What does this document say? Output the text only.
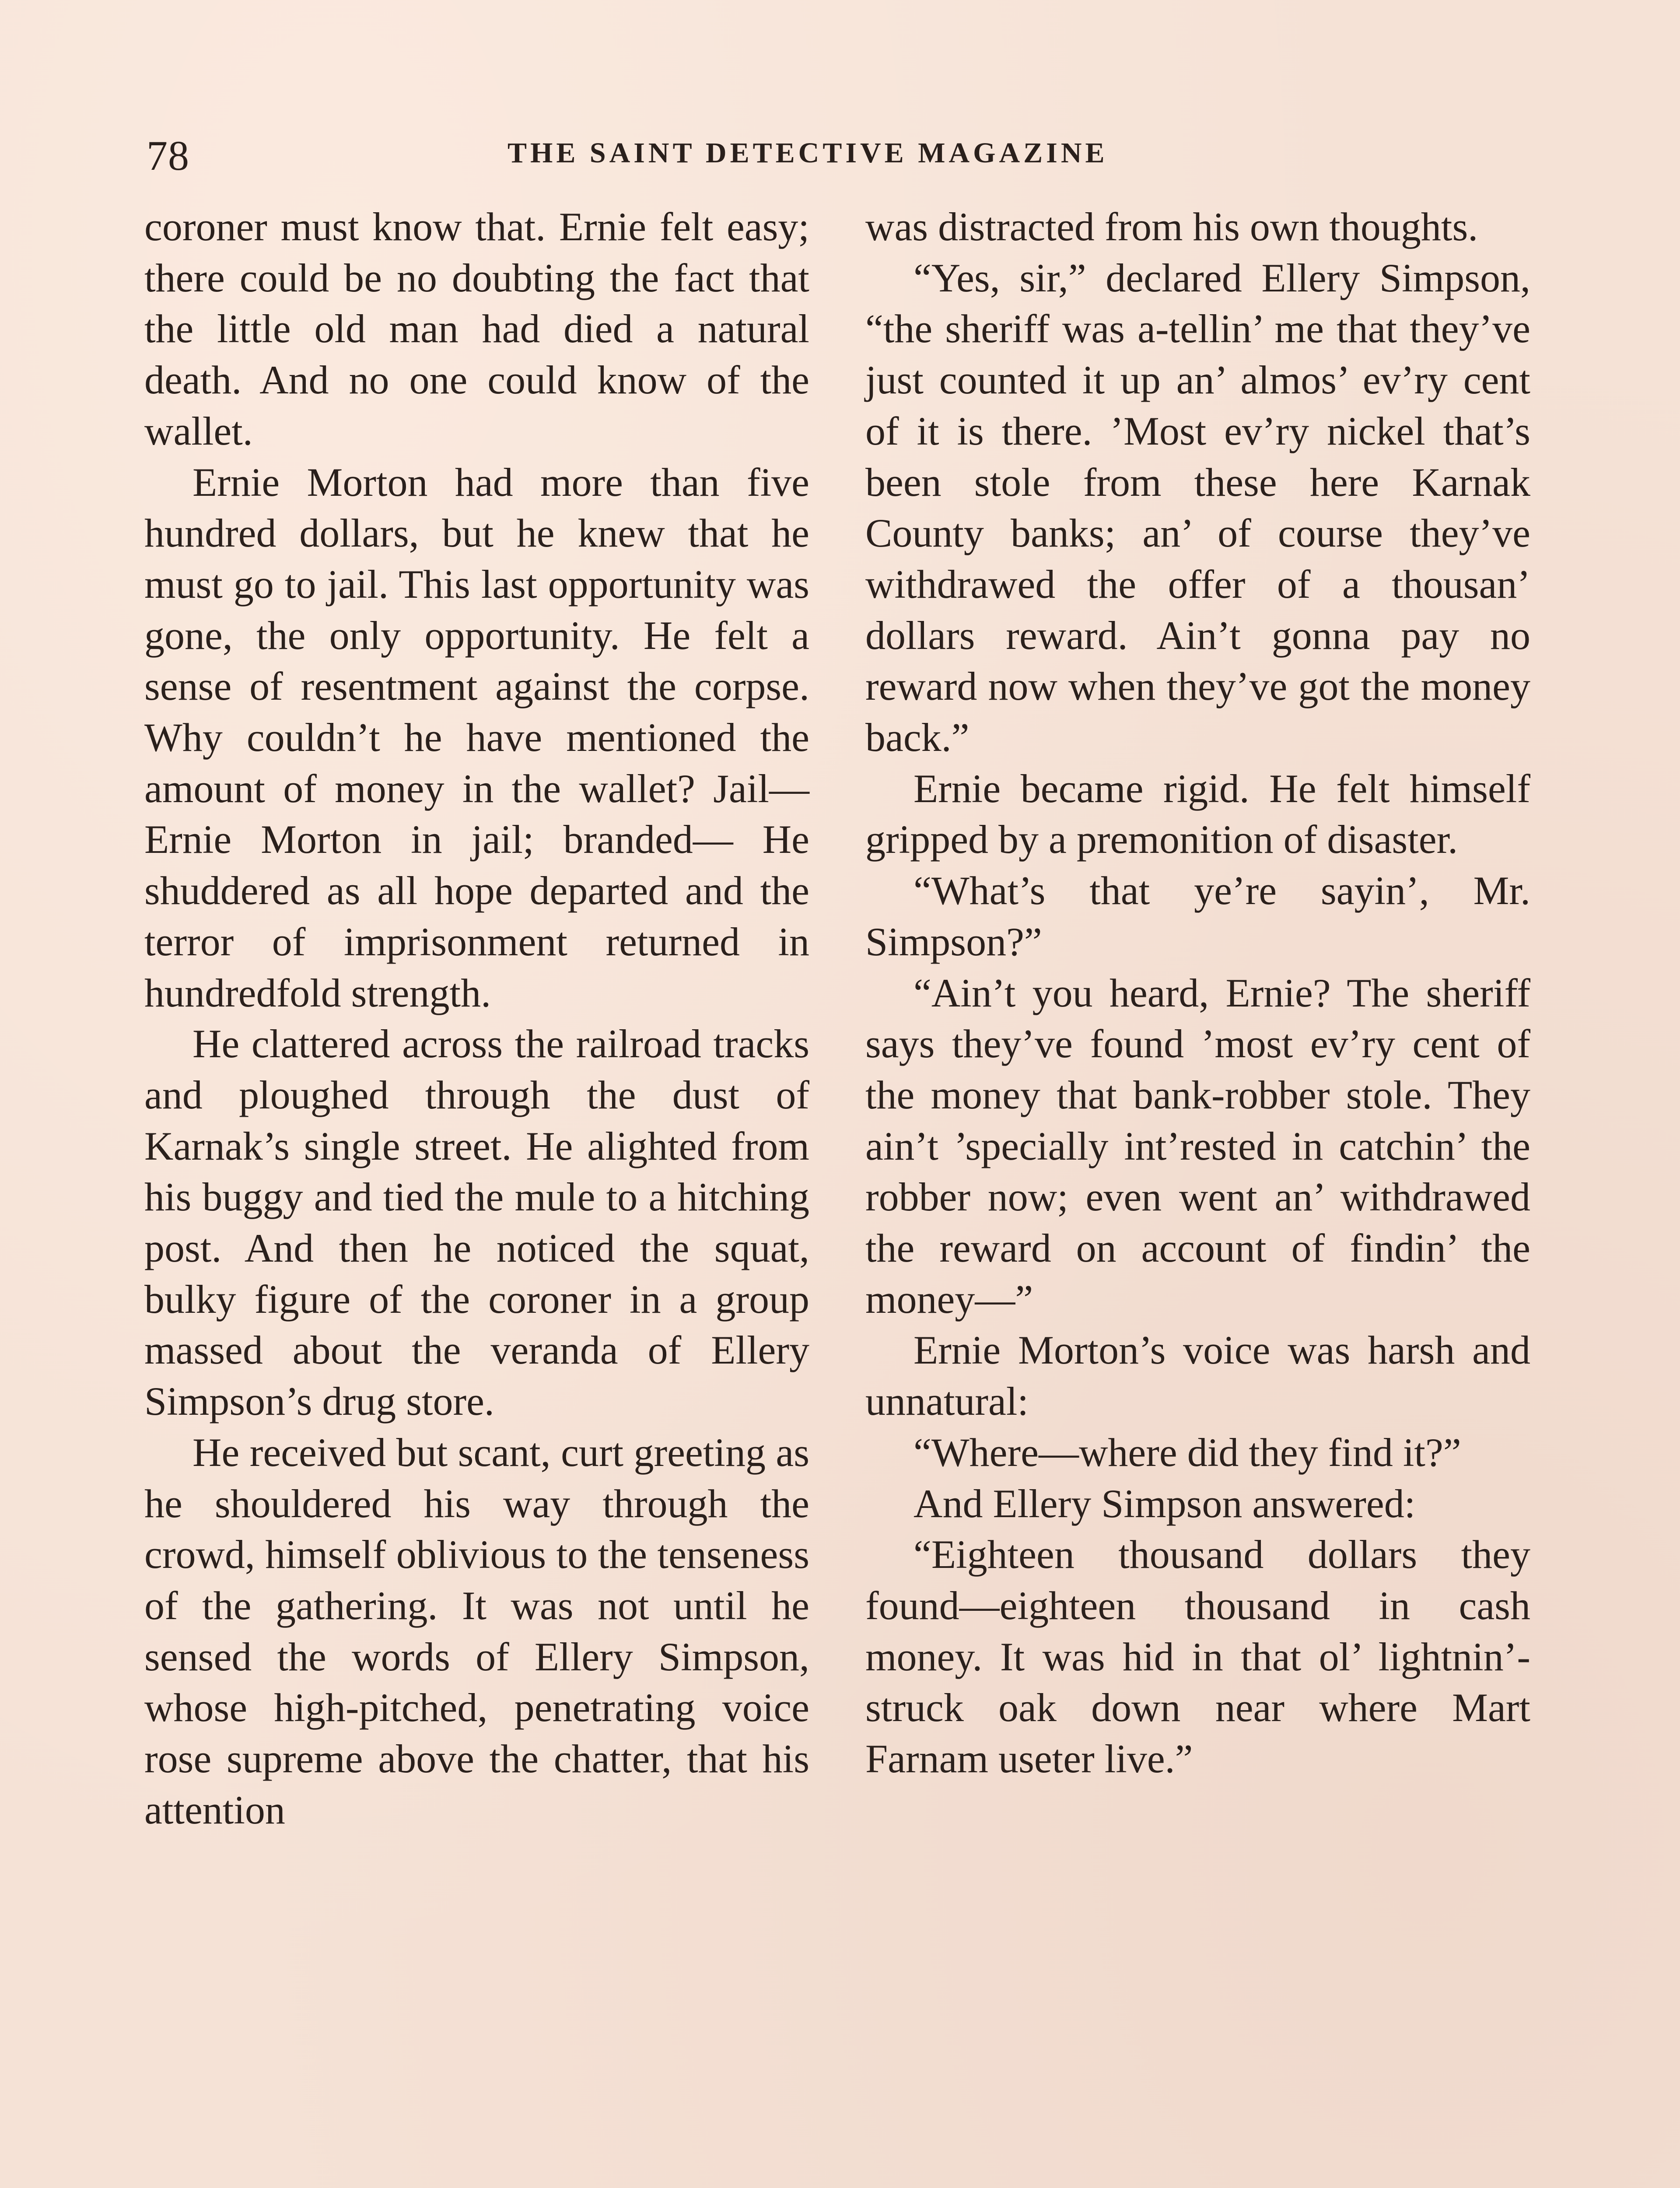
78	THE SAINT DETECTIVE MAGAZINE

coroner must know that. Ernie felt easy; there could be no doubting the fact that the little old man had died a natural death. And no one could know of the wallet.

Ernie Morton had more than five hundred dollars, but he knew that he must go to jail. This last opportunity was gone, the only opportunity. He felt a sense of resentment against the corpse. Why couldn’t he have mentioned the amount of money in the wallet? Jail— Ernie Morton in jail; branded— He shuddered as all hope departed and the terror of imprisonment returned in hundredfold strength.

He clattered across the railroad tracks and ploughed through the dust of Karnak’s single street. He alighted from his buggy and tied the mule to a hitching post. And then he noticed the squat, bulky figure of the coroner in a group massed about the veranda of Ellery Simpson’s drug store.

He received but scant, curt greeting as he shouldered his way through the crowd, himself oblivious to the tenseness of the gathering. It was not until he sensed the words of Ellery Simpson, whose high-pitched, penetrating voice rose supreme above the chatter, that his attention

was distracted from his own thoughts.

“Yes, sir,” declared Ellery Simpson, “the sheriff was a-tellin’ me that they’ve just counted it up an’ almos’ ev’ry cent of it is there. ’Most ev’ry nickel that’s been stole from these here Karnak County banks; an’ of course they’ve withdrawed the offer of a thousan’ dollars reward. Ain’t gonna pay no reward now when they’ve got the money back.”

Ernie became rigid. He felt himself gripped by a premonition of disaster.

“What’s that ye’re sayin’, Mr. Simpson?”

“Ain’t you heard, Ernie? The sheriff says they’ve found ’most ev’ry cent of the money that bank-robber stole. They ain’t ’specially int’rested in catchin’ the robber now; even went an’ withdrawed the reward on account of findin’ the money—”

Ernie Morton’s voice was harsh and unnatural:

“Where—where did they find it?”

And Ellery Simpson answered:

“Eighteen thousand dollars they found—eighteen thousand in cash money. It was hid in that ol’ lightnin’-struck oak down near where Mart Farnam useter live.”
